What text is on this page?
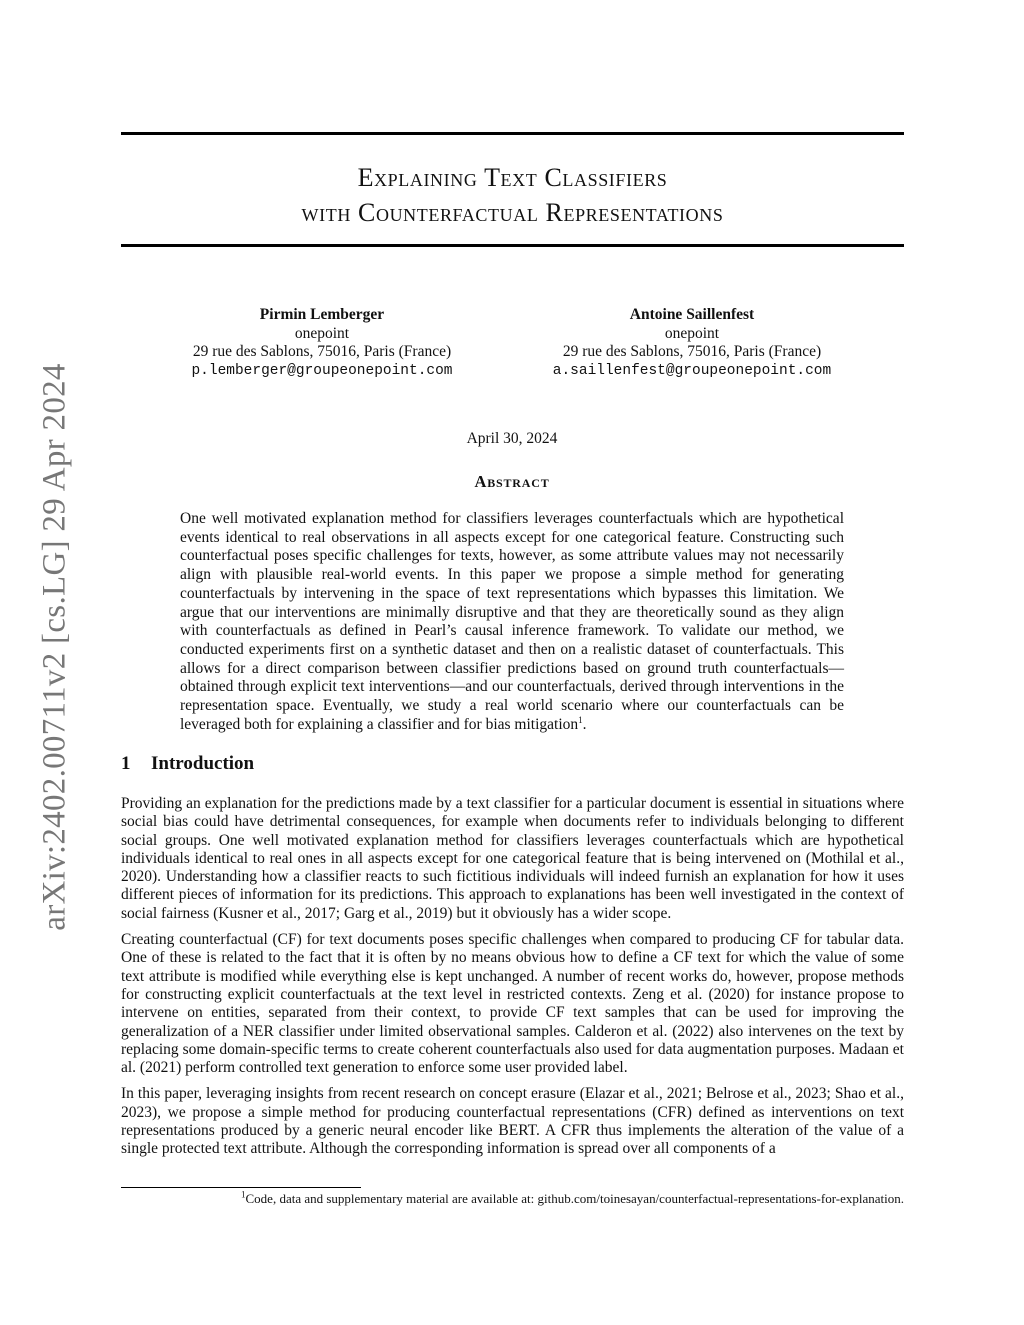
arXiv:2402.00711v2 [cs.LG] 29 Apr 2024
Explaining Text Classifiers
with Counterfactual Representations
Pirmin Lemberger
onepoint
29 rue des Sablons, 75016, Paris (France)
p.lemberger@groupeonepoint.com
Antoine Saillenfest
onepoint
29 rue des Sablons, 75016, Paris (France)
a.saillenfest@groupeonepoint.com
April 30, 2024
Abstract
One well motivated explanation method for classifiers leverages counterfactuals which are hypothetical events identical to real observations in all aspects except for one categorical feature. Constructing such counterfactual poses specific challenges for texts, however, as some attribute values may not necessarily align with plausible real-world events. In this paper we propose a simple method for generating counterfactuals by intervening in the space of text representations which bypasses this limitation. We argue that our interventions are minimally disruptive and that they are theoretically sound as they align with counterfactuals as defined in Pearl’s causal inference framework. To validate our method, we conducted experiments first on a synthetic dataset and then on a realistic dataset of counterfactuals. This allows for a direct comparison between classifier predictions based on ground truth counterfactuals—obtained through explicit text interventions—and our counterfactuals, derived through interventions in the representation space. Eventually, we study a real world scenario where our counterfactuals can be leveraged both for explaining a classifier and for bias mitigation$^1$.
1 Introduction

Providing an explanation for the predictions made by a text classifier for a particular document is essential in situations where social bias could have detrimental consequences, for example when documents refer to individuals belonging to different social groups. One well motivated explanation method for classifiers leverages counterfactuals which are hypothetical individuals identical to real ones in all aspects except for one categorical feature that is being intervened on (Mothilal et al., 2020). Understanding how a classifier reacts to such fictitious individuals will indeed furnish an explanation for how it uses different pieces of information for its predictions. This approach to explanations has been well investigated in the context of social fairness (Kusner et al., 2017; Garg et al., 2019) but it obviously has a wider scope.

Creating counterfactual (CF) for text documents poses specific challenges when compared to producing CF for tabular data. One of these is related to the fact that it is often by no means obvious how to define a CF text for which the value of some text attribute is modified while everything else is kept unchanged. A number of recent works do, however, propose methods for constructing explicit counterfactuals at the text level in restricted contexts. Zeng et al. (2020) for instance propose to intervene on entities, separated from their context, to provide CF text samples that can be used for improving the generalization of a NER classifier under limited observational samples. Calderon et al. (2022) also intervenes on the text by replacing some domain-specific terms to create coherent counterfactuals also used for data augmentation purposes. Madaan et al. (2021) perform controlled text generation to enforce some user provided label.

In this paper, leveraging insights from recent research on concept erasure (Elazar et al., 2021; Belrose et al., 2023; Shao et al., 2023), we propose a simple method for producing counterfactual representations (CFR) defined as interventions on text representations produced by a generic neural encoder like BERT. A CFR thus implements the alteration of the value of a single protected text attribute. Although the corresponding information is spread over all components of a

$^1$Code, data and supplementary material are available at: github.com/toinesayan/counterfactual-representations-for-explanation.
